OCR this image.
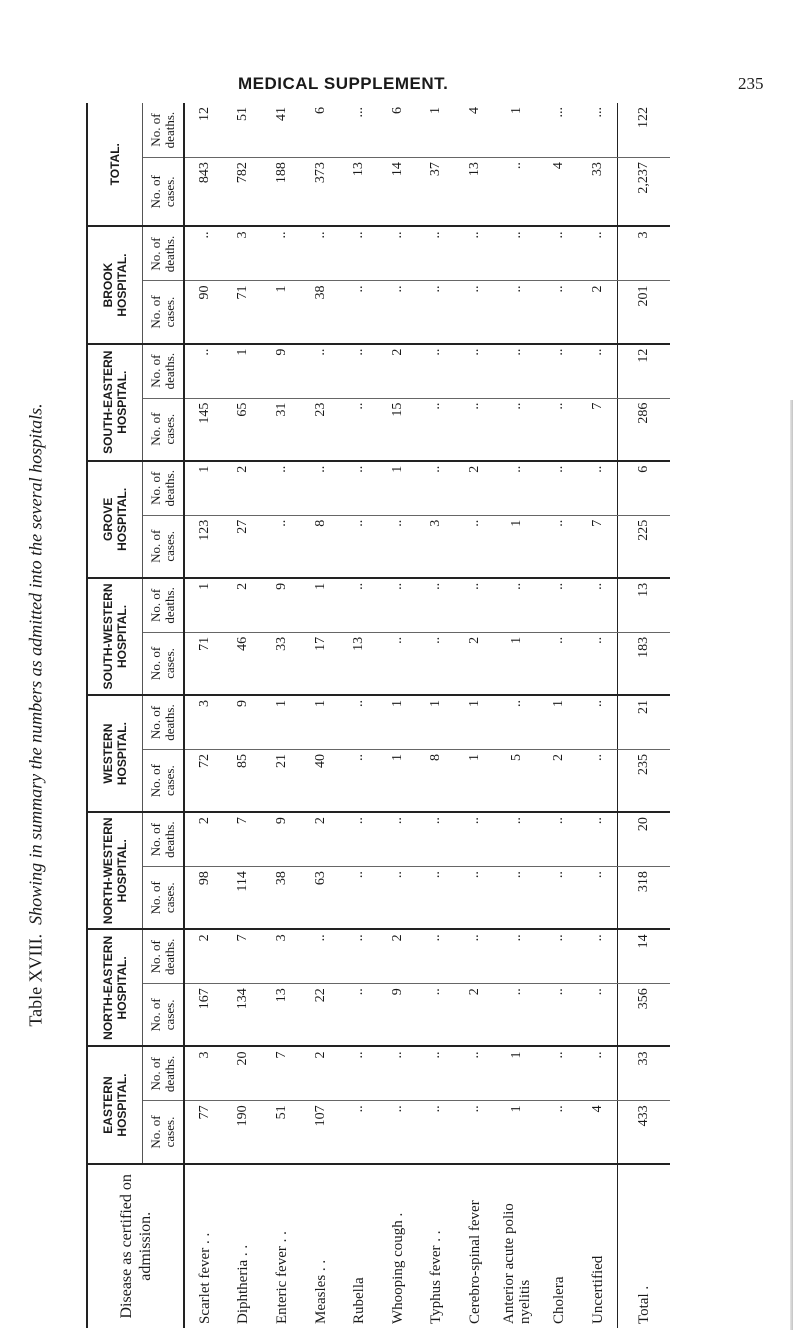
MEDICAL SUPPLEMENT.	235
Table XVIII.  Showing in summary the numbers as admitted into the several hospitals.
Disease as certified on admission.	EASTERN HOSPITAL.		NORTH-EASTERN HOSPITAL.		NORTH-WESTERN HOSPITAL.		WESTERN HOSPITAL.		SOUTH-WESTERN HOSPITAL.		GROVE HOSPITAL.		SOUTH-EASTERN HOSPITAL.		BROOK HOSPITAL.		TOTAL.	
	No. of cases.	No. of deaths.	No. of cases.	No. of deaths.	No. of cases.	No. of deaths.	No. of cases.	No. of deaths.	No. of cases.	No. of deaths.	No. of cases.	No. of deaths.	No. of cases.	No. of deaths.	No. of cases.	No. of deaths.	No. of cases.	No. of deaths.
Scarlet fever . .	77	3	167	2	98	2	72	3	71	1	123	1	145	..	90	..	843	12
Diphtheria . .	190	20	134	7	114	7	85	9	46	2	27	2	65	1	71	3	782	51
Enteric fever . .	51	7	13	3	38	9	21	1	33	9	..	..	31	9	1	..	188	41
Measles . .	107	2	22	..	63	2	40	1	17	1	8	..	23	..	38	..	373	6
Rubella	..	..	..	..	..	..	..	..	13	..	..	..	..	..	..	..	13	...
Whooping cough .	..	..	9	2	..	..	1	1	..	..	..	1	15	2	..	..	14	6
Typhus fever . .	..	..	..	..	..	..	8	1	..	..	3	..	..	..	..	..	37	1
Cerebro-spinal fever	..	..	2	..	..	..	1	1	2	..	..	2	..	..	..	..	13	4
Anterior acute polio nyelitis	1	1	..	..	..	..	5	..	1	..	1	..	..	..	..	..	..	1
Cholera	..	..	..	..	..	..	2	1	..	..	..	..	..	..	..	..	4	...
Uncertified	4	..	..	..	..	..	..	..	..	..	7	..	7	..	2	..	33	...
Total .	433	33	356	14	318	20	235	21	183	13	225	6	286	12	201	3	2,237	122
